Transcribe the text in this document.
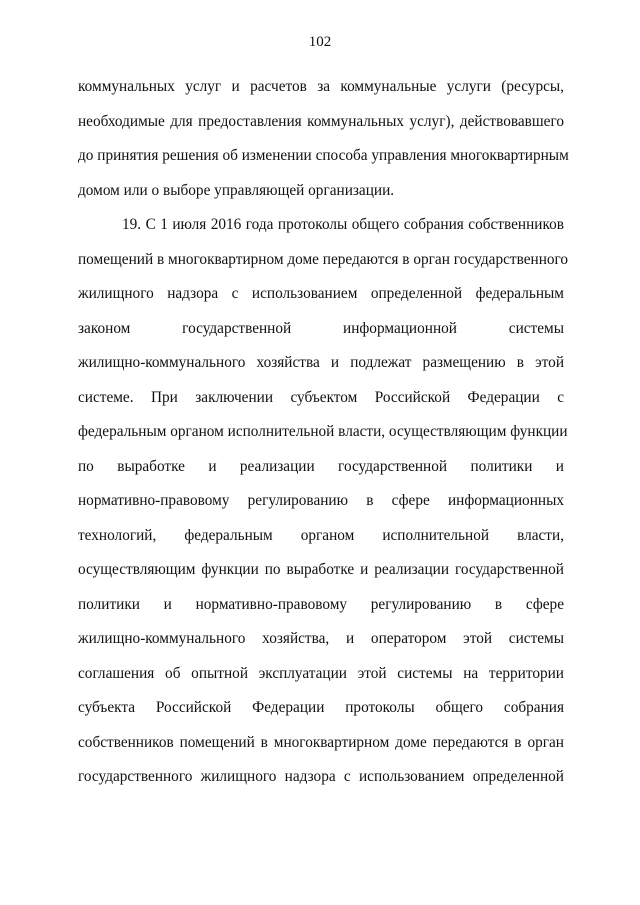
102
коммунальных услуг и расчетов за коммунальные услуги (ресурсы,
необходимые для предоставления коммунальных услуг), действовавшего
до принятия решения об изменении способа управления многоквартирным
домом или о выборе управляющей организации.
19. С 1 июля 2016 года протоколы общего собрания собственников
помещений в многоквартирном доме передаются в орган государственного
жилищного надзора с использованием определенной федеральным
законом государственной информационной системы
жилищно-коммунального хозяйства и подлежат размещению в этой
системе. При заключении субъектом Российской Федерации с
федеральным органом исполнительной власти, осуществляющим функции
по выработке и реализации государственной политики и
нормативно-правовому регулированию в сфере информационных
технологий, федеральным органом исполнительной власти,
осуществляющим функции по выработке и реализации государственной
политики и нормативно-правовому регулированию в сфере
жилищно-коммунального хозяйства, и оператором этой системы
соглашения об опытной эксплуатации этой системы на территории
субъекта Российской Федерации протоколы общего собрания
собственников помещений в многоквартирном доме передаются в орган
государственного жилищного надзора с использованием определенной
